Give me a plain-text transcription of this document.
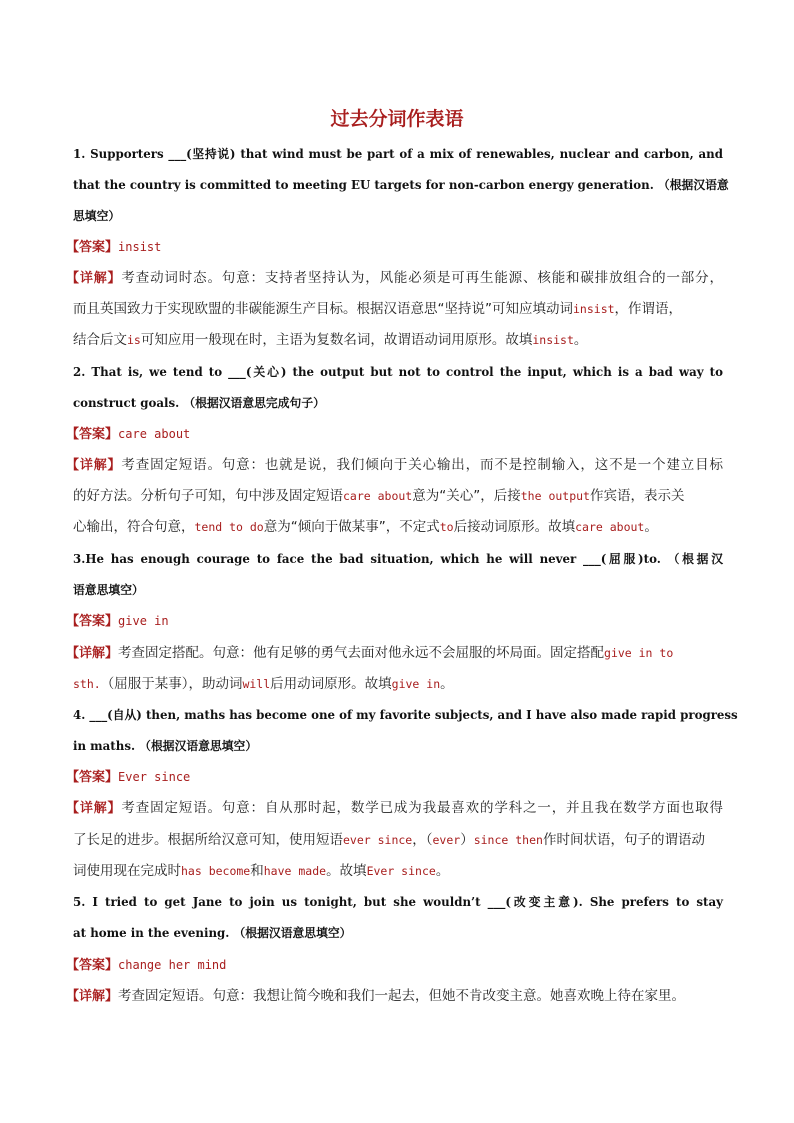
过去分词作表语
1. Supporters ___(坚持说) that wind must be part of a mix of renewables, nuclear and carbon, and
that the country is committed to meeting EU targets for non-carbon energy generation. （根据汉语意
思填空）
【答案】insist
【详解】考查动词时态。句意：支持者坚持认为，风能必须是可再生能源、核能和碳排放组合的一部分，
而且英国致力于实现欧盟的非碳能源生产目标。根据汉语意思“坚持说”可知应填动词insist，作谓语，
结合后文is可知应用一般现在时，主语为复数名词，故谓语动词用原形。故填insist。
2. That is, we tend to ___(关心) the output but not to control the input, which is a bad way to
construct goals. （根据汉语意思完成句子）
【答案】care about
【详解】考查固定短语。句意：也就是说，我们倾向于关心输出，而不是控制输入，这不是一个建立目标
的好方法。分析句子可知，句中涉及固定短语care about意为“关心”，后接the output作宾语，表示关
心输出，符合句意，tend to do意为“倾向于做某事”，不定式to后接动词原形。故填care about。
3.He has enough courage to face the bad situation, which he will never ___(屈服)to. （根据汉
语意思填空）
【答案】give in
【详解】考查固定搭配。句意：他有足够的勇气去面对他永远不会屈服的坏局面。固定搭配give in to
sth.（屈服于某事），助动词will后用动词原形。故填give in。
4. ___(自从) then, maths has become one of my favorite subjects, and I have also made rapid progress
in maths. （根据汉语意思填空）
【答案】Ever since
【详解】考查固定短语。句意：自从那时起，数学已成为我最喜欢的学科之一，并且我在数学方面也取得
了长足的进步。根据所给汉意可知，使用短语ever since，（ever）since then作时间状语，句子的谓语动
词使用现在完成时has become和have made。故填Ever since。
5. I tried to get Jane to join us tonight, but she wouldn’t ___(改变主意). She prefers to stay
at home in the evening. （根据汉语意思填空）
【答案】change her mind
【详解】考查固定短语。句意：我想让简今晚和我们一起去，但她不肯改变主意。她喜欢晚上待在家里。
